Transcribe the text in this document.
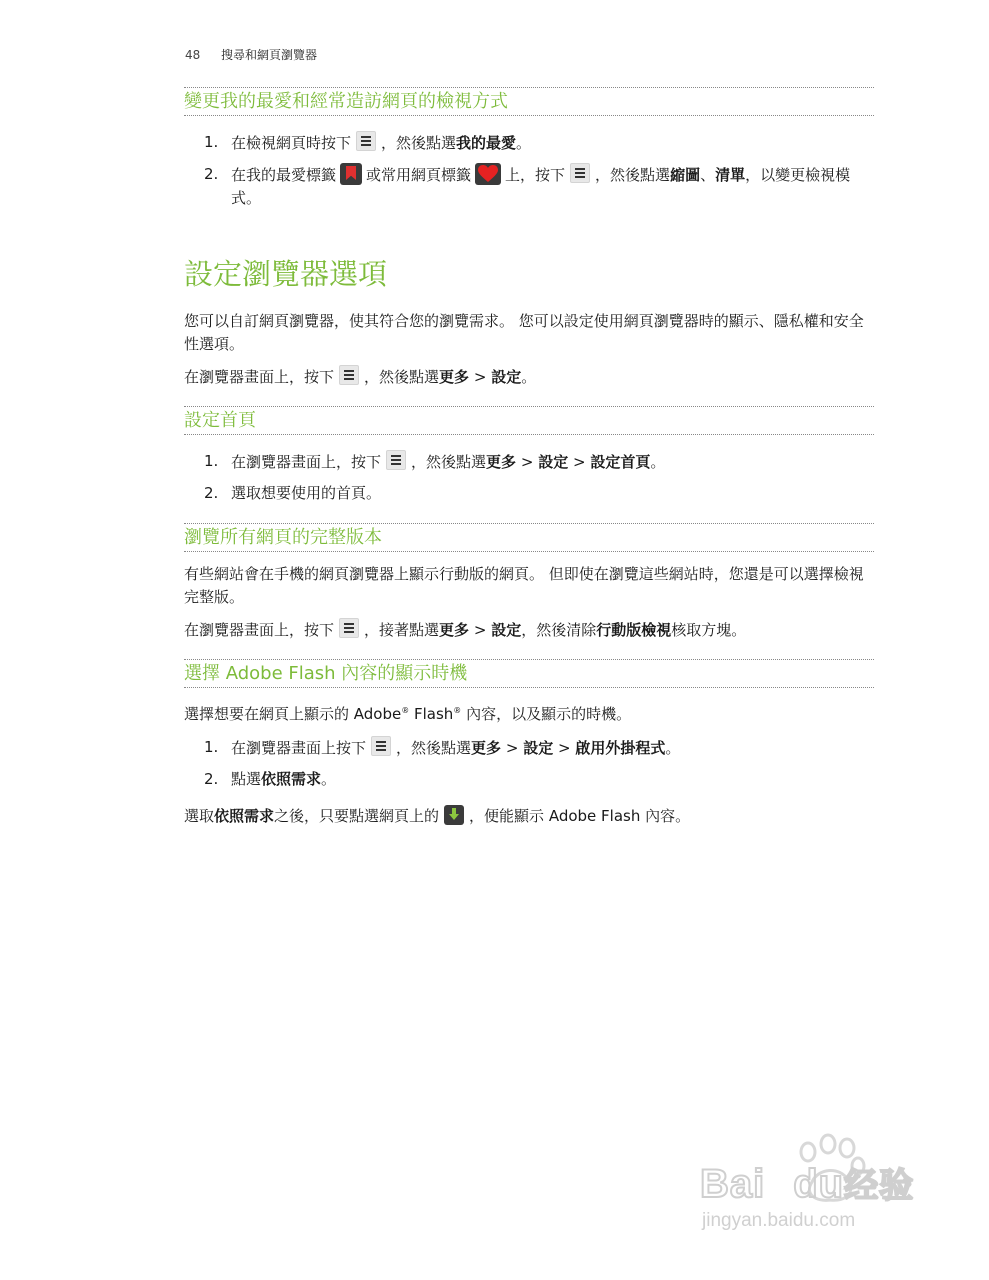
48 搜尋和網頁瀏覽器
變更我的最愛和經常造訪網頁的檢視方式
1. 在檢視網頁時按下 ，然後點選我的最愛。
2. 在我的最愛標籤 或常用網頁標籤 上，按下 ，然後點選縮圖、清單，以變更檢視模式。
設定瀏覽器選項
您可以自訂網頁瀏覽器，使其符合您的瀏覽需求。 您可以設定使用網頁瀏覽器時的顯示、隱私權和安全性選項。
在瀏覽器畫面上，按下 ，然後點選更多 > 設定。
設定首頁
1. 在瀏覽器畫面上，按下 ，然後點選更多 > 設定 > 設定首頁。
2. 選取想要使用的首頁。
瀏覽所有網頁的完整版本
有些網站會在手機的網頁瀏覽器上顯示行動版的網頁。 但即使在瀏覽這些網站時，您還是可以選擇檢視完整版。
在瀏覽器畫面上，按下 ，接著點選更多 > 設定，然後清除行動版檢視核取方塊。
選擇 Adobe Flash 內容的顯示時機
選擇想要在網頁上顯示的 Adobe® Flash® 內容，以及顯示的時機。
1. 在瀏覽器畫面上按下 ，然後點選更多 > 設定 > 啟用外掛程式。
2. 點選依照需求。
選取依照需求之後，只要點選網頁上的 ，便能顯示 Adobe Flash 內容。
Bai du经验
jingyan.baidu.com
